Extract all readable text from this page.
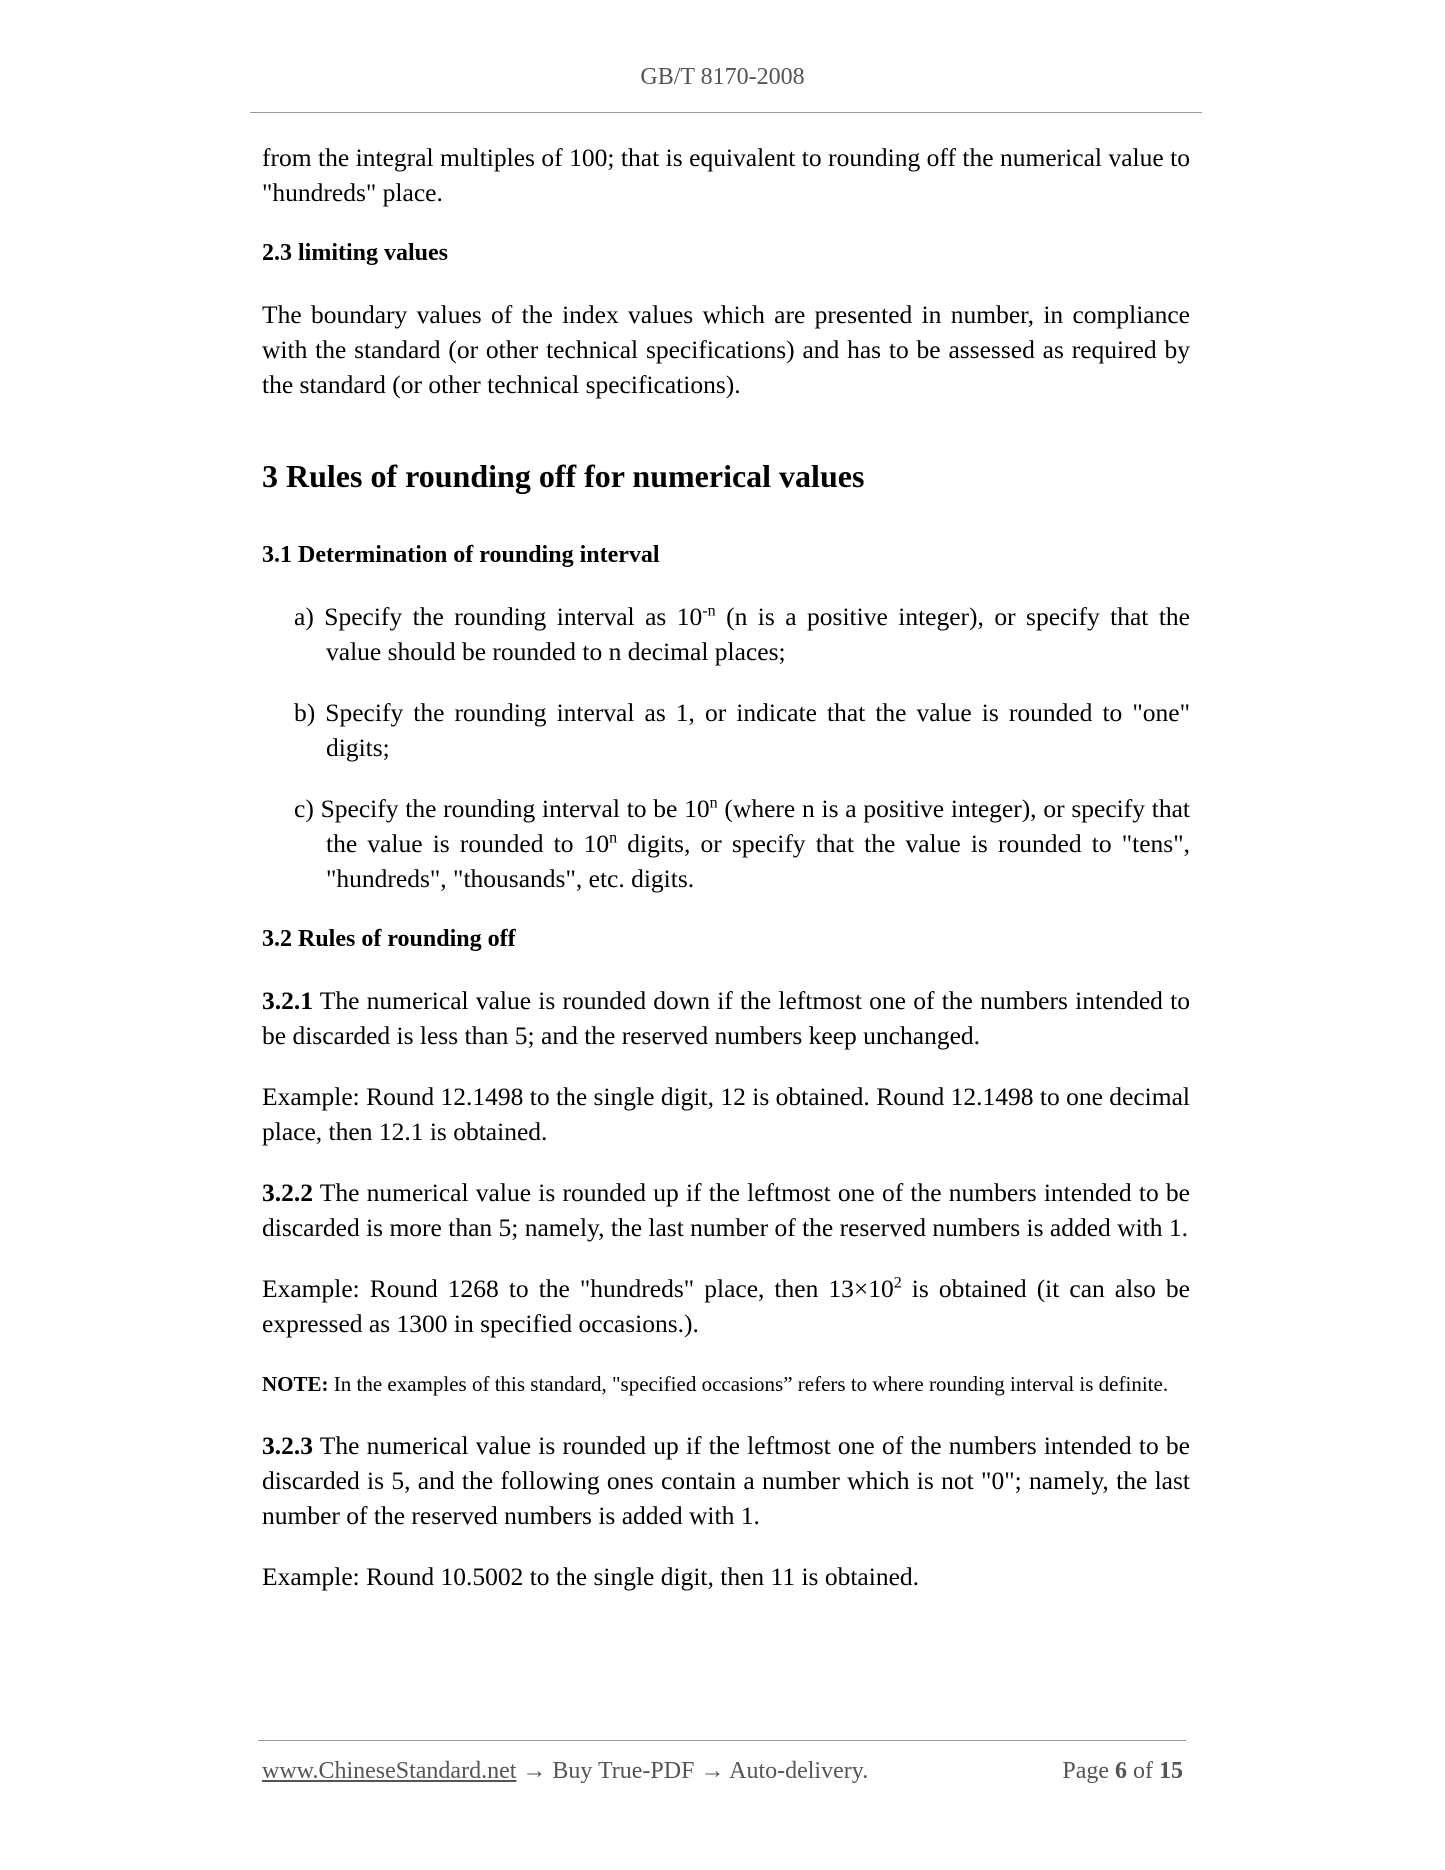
GB/T 8170-2008

from the integral multiples of 100; that is equivalent to rounding off the numerical value to "hundreds" place.

2.3 limiting values

The boundary values of the index values which are presented in number, in compliance with the standard (or other technical specifications) and has to be assessed as required by the standard (or other technical specifications).

3 Rules of rounding off for numerical values

3.1 Determination of rounding interval

a) Specify the rounding interval as $10^{-n}$ (n is a positive integer), or specify that the value should be rounded to n decimal places;

b) Specify the rounding interval as 1, or indicate that the value is rounded to "one" digits;

c) Specify the rounding interval to be 10$^n$ (where n is a positive integer), or specify that the value is rounded to 10$^n$ digits, or specify that the value is rounded to "tens", "hundreds", "thousands", etc. digits.

3.2 Rules of rounding off

3.2.1 The numerical value is rounded down if the leftmost one of the numbers intended to be discarded is less than 5; and the reserved numbers keep unchanged.

Example: Round 12.1498 to the single digit, 12 is obtained. Round 12.1498 to one decimal place, then 12.1 is obtained.

3.2.2 The numerical value is rounded up if the leftmost one of the numbers intended to be discarded is more than 5; namely, the last number of the reserved numbers is added with 1.

Example: Round 1268 to the "hundreds" place, then $13\times 10^2$ is obtained (it can also be expressed as 1300 in specified occasions.).

NOTE: In the examples of this standard, "specified occasions” refers to where rounding interval is definite.

3.2.3 The numerical value is rounded up if the leftmost one of the numbers intended to be discarded is 5, and the following ones contain a number which is not "0"; namely, the last number of the reserved numbers is added with 1.

Example: Round 10.5002 to the single digit, then 11 is obtained.

www.ChineseStandard.net → Buy True-PDF → Auto-delivery.	Page 6 of 15
